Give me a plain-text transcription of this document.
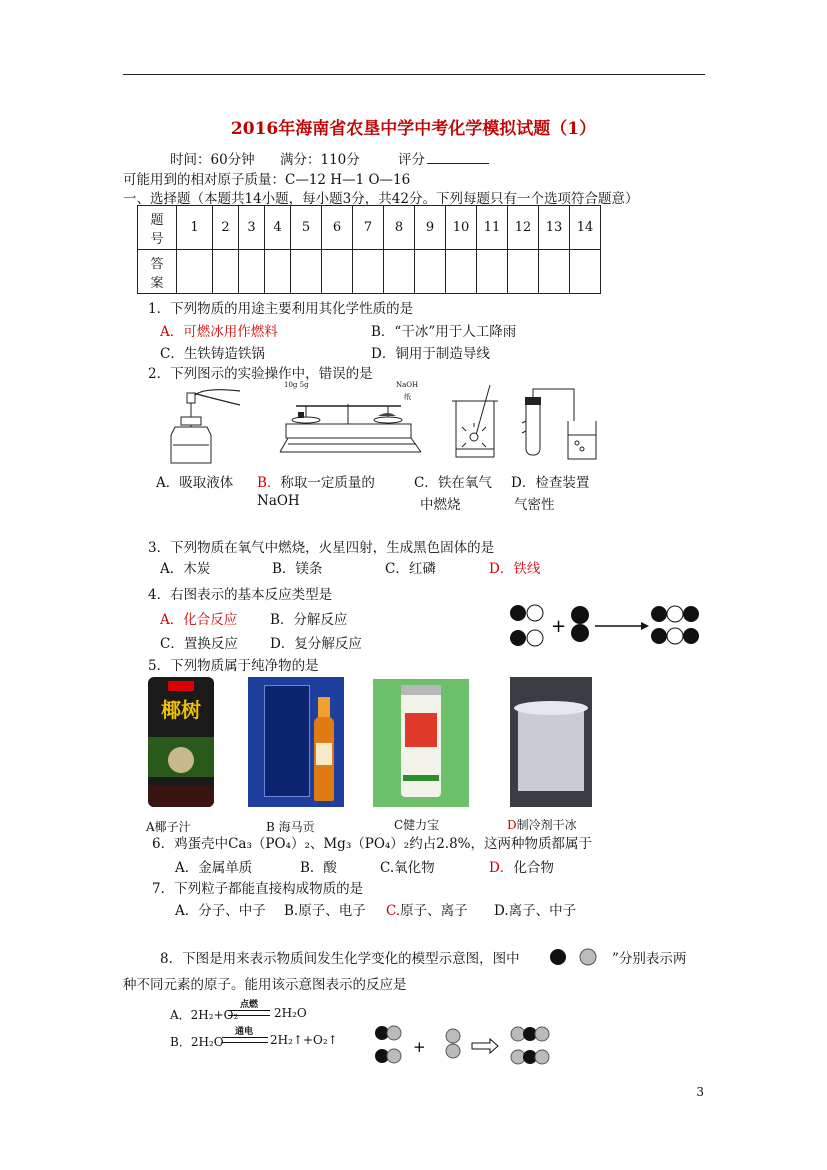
2016年海南省农垦中学中考化学模拟试题（1）
时间：60分钟 满分：110分	评分
可能用到的相对原子质量：C—12 H—1 O—16
一、选择题（本题共14小题，每小题3分，共42分。下列每题只有一个选项符合题意）
题号	1	2	3	4	5	6	7	8	9	10	11	12	13	14
答案														
1．下列物质的用途主要利用其化学性质的是
A．可燃冰用作燃料	B．“干冰”用于人工降雨
C．生铁铸造铁锅	D．铜用于制造导线
2．下列图示的实验操作中，错误的是
10g 5g	NaOH
纸
A．吸取液体 B．称取一定质量的
NaOH
C．铁在氧气
中燃烧
D．检查装置
气密性
3．下列物质在氧气中燃烧，火星四射，生成黑色固体的是
A．木炭	B．镁条	C．红磷	D．铁线
4．右图表示的基本反应类型是
A．化合反应 B．分解反应
C．置换反应 D．复分解反应
+
5．下列物质属于纯净物的是
椰树
A椰子汁	B 海马贡	C健力宝	D制冷剂干冰
6．鸡蛋壳中Ca₃（PO₄）₂、Mg₃（PO₄）₂约占2.8%，这两种物质都属于
A．金属单质	B．酸	C.氧化物	D．化合物
7．下列粒子都能直接构成物质的是
A．分子、中子 B.原子、电子 C.原子、离子 D.离子、中子
8．下图是用来表示物质间发生化学变化的模型示意图，图中	”分别表示两
种不同元素的原子。能用该示意图表示的反应是
A．2H₂+O₂
点燃
2H₂O
B．2H₂O
通电
2H₂↑+O₂↑	+
3
